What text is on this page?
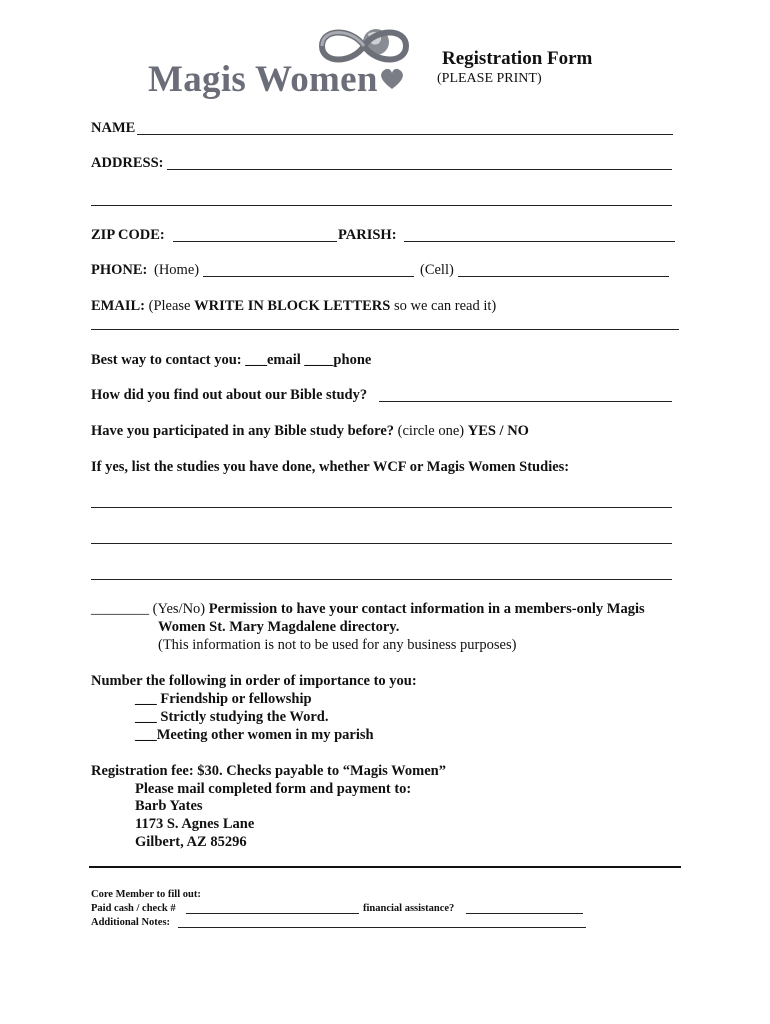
Magis Women
Registration Form
(PLEASE PRINT)
NAME
ADDRESS:
ZIP CODE:	PARISH:
PHONE: (Home)	(Cell)
EMAIL: (Please WRITE IN BLOCK LETTERS so we can read it)
Best way to contact you: ___email ____phone
How did you find out about our Bible study?
Have you participated in any Bible study before? (circle one) YES / NO
If yes, list the studies you have done, whether WCF or Magis Women Studies:
________ (Yes/No) Permission to have your contact information in a members-only Magis
Women St. Mary Magdalene directory.
(This information is not to be used for any business purposes)
Number the following in order of importance to you:
___ Friendship or fellowship
___ Strictly studying the Word.
___Meeting other women in my parish
Registration fee: $30. Checks payable to “Magis Women”
Please mail completed form and payment to:
Barb Yates
1173 S. Agnes Lane
Gilbert, AZ 85296
Core Member to fill out:
Paid cash / check #	financial assistance?
Additional Notes:
